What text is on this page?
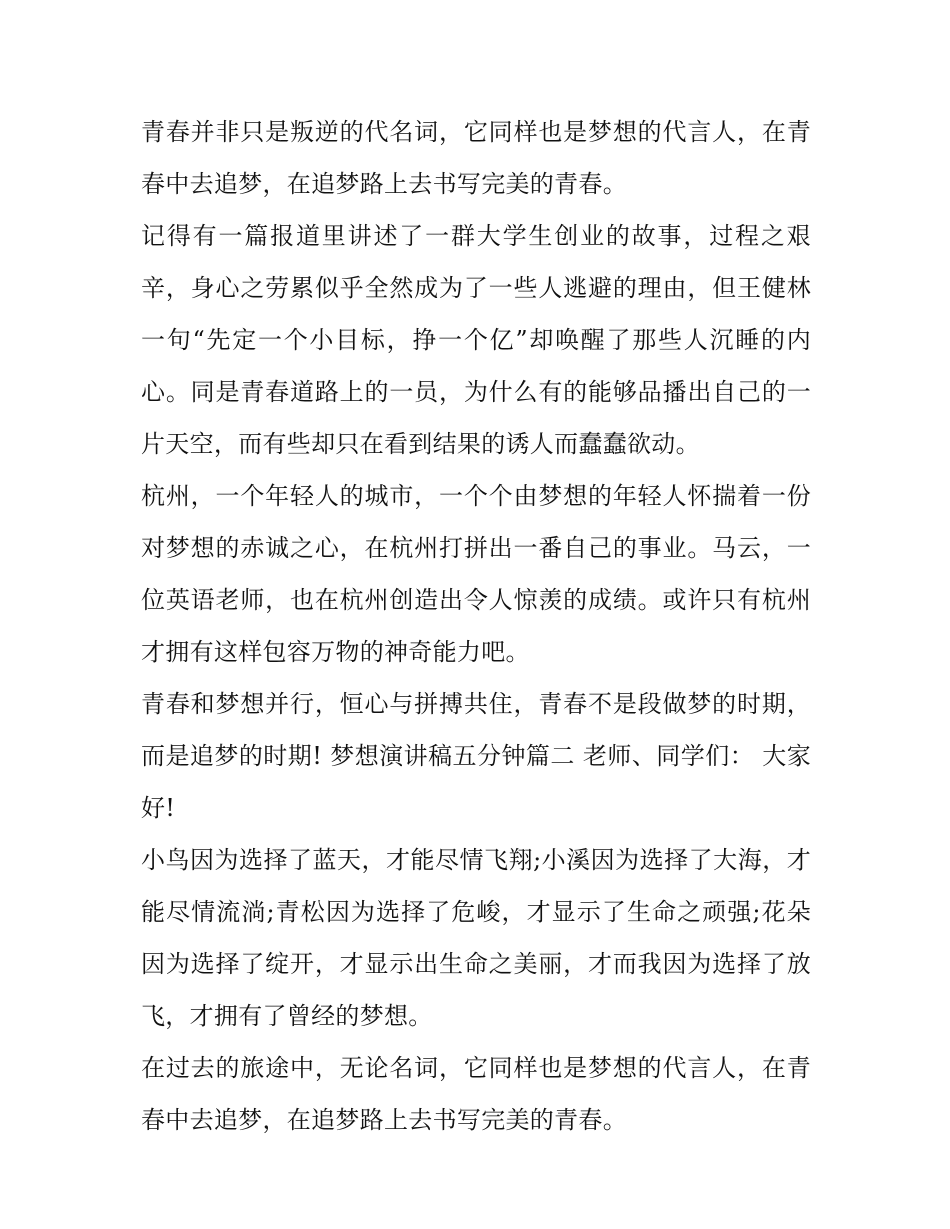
青春并非只是叛逆的代名词，它同样也是梦想的代言人，在青春中去追梦，在追梦路上去书写完美的青春。

记得有一篇报道里讲述了一群大学生创业的故事，过程之艰辛，身心之劳累似乎全然成为了一些人逃避的理由，但王健林一句“先定一个小目标，挣一个亿”却唤醒了那些人沉睡的内心。同是青春道路上的一员，为什么有的能够品播出自己的一片天空，而有些却只在看到结果的诱人而蠢蠢欲动。

杭州，一个年轻人的城市，一个个由梦想的年轻人怀揣着一份对梦想的赤诚之心，在杭州打拼出一番自己的事业。马云，一位英语老师，也在杭州创造出令人惊羡的成绩。或许只有杭州才拥有这样包容万物的神奇能力吧。

青春和梦想并行，恒心与拼搏共住，青春不是段做梦的时期，而是追梦的时期! 梦想演讲稿五分钟篇二 老师、同学们： 大家好!

小鸟因为选择了蓝天，才能尽情飞翔;小溪因为选择了大海，才能尽情流淌;青松因为选择了危峻，才显示了生命之顽强;花朵因为选择了绽开，才显示出生命之美丽，才而我因为选择了放飞，才拥有了曾经的梦想。

在过去的旅途中，无论名词，它同样也是梦想的代言人，在青春中去追梦，在追梦路上去书写完美的青春。
